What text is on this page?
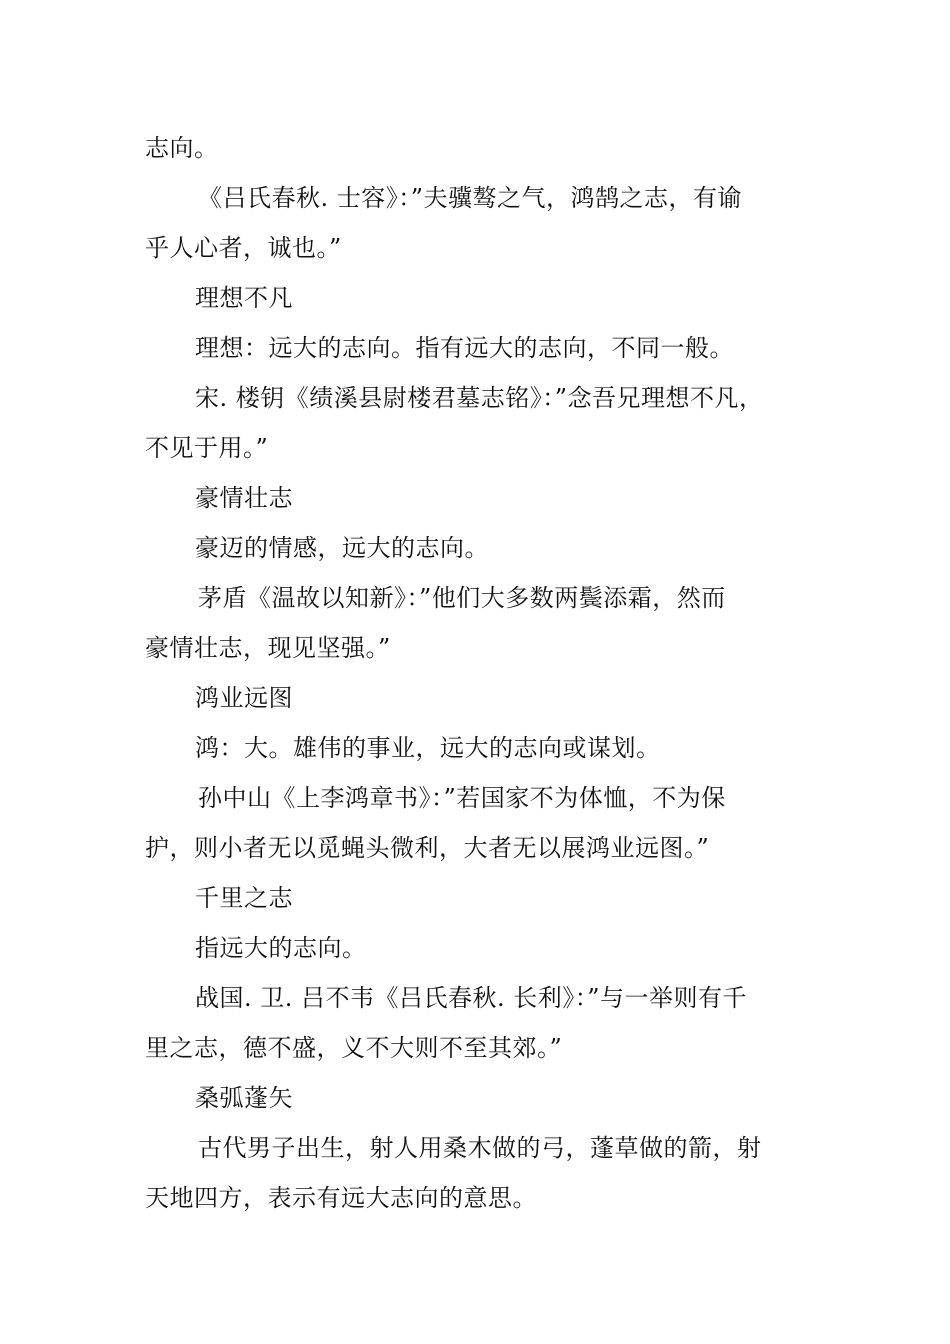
志向。
《吕氏春秋. 士容》：”夫骥骜之气，鸿鹄之志，有谕
乎人心者，诚也。”
理想不凡
理想：远大的志向。指有远大的志向，不同一般。
宋. 楼钥《绩溪县尉楼君墓志铭》：”念吾兄理想不凡，
不见于用。”
豪情壮志
豪迈的情感，远大的志向。
茅盾《温故以知新》：”他们大多数两鬓添霜，然而
豪情壮志，现见坚强。”
鸿业远图
鸿：大。雄伟的事业，远大的志向或谋划。
孙中山《上李鸿章书》：”若国家不为体恤，不为保
护，则小者无以觅蝇头微利，大者无以展鸿业远图。”
千里之志
指远大的志向。
战国. 卫. 吕不韦《吕氏春秋. 长利》：”与一举则有千
里之志，德不盛，义不大则不至其郊。”
桑弧蓬矢
古代男子出生，射人用桑木做的弓，蓬草做的箭，射
天地四方，表示有远大志向的意思。
